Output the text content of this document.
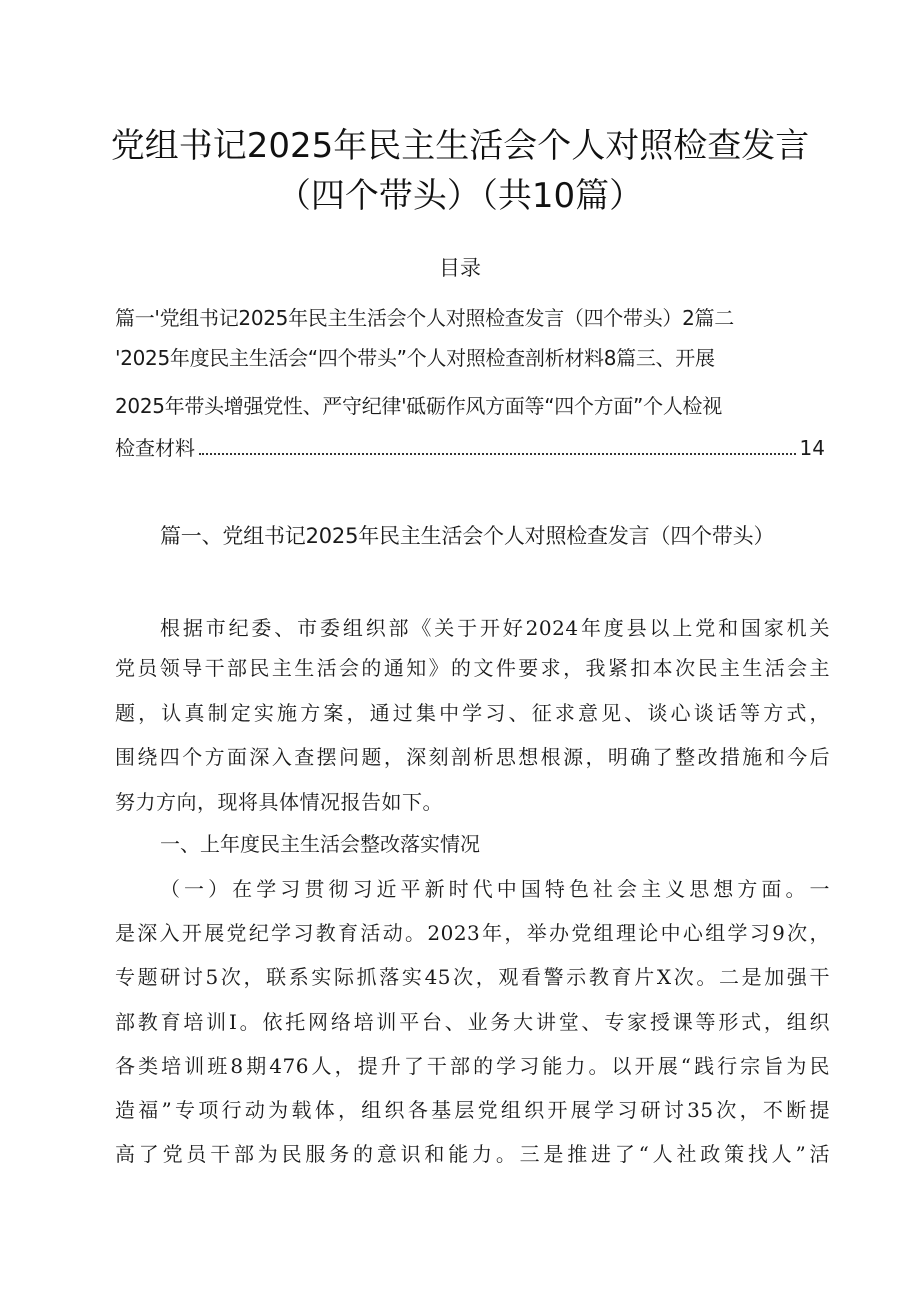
党组书记2025年民主生活会个人对照检查发言
（四个带头）（共10篇）
目录
篇一'党组书记2025年民主生活会个人对照检查发言（四个带头）2篇二
'2025年度民主生活会“四个带头”个人对照检查剖析材料8篇三、开展
2025年带头增强党性、严守纪律'砥砺作风方面等“四个方面”个人检视
检查材料	14
篇一、党组书记2025年民主生活会个人对照检查发言（四个带头）
根据市纪委、市委组织部《关于开好2024年度县以上党和国家机关
党员领导干部民主生活会的通知》的文件要求，我紧扣本次民主生活会主
题，认真制定实施方案，通过集中学习、征求意见、谈心谈话等方式，
围绕四个方面深入查摆问题，深刻剖析思想根源，明确了整改措施和今后
努力方向，现将具体情况报告如下。
一、上年度民主生活会整改落实情况
（一）在学习贯彻习近平新时代中国特色社会主义思想方面。一
是深入开展党纪学习教育活动。2023年，举办党组理论中心组学习9次，
专题研讨5次，联系实际抓落实45次，观看警示教育片X次。二是加强干
部教育培训I。依托网络培训平台、业务大讲堂、专家授课等形式，组织
各类培训班8期476人，提升了干部的学习能力。以开展“践行宗旨为民
造福”专项行动为载体，组织各基层党组织开展学习研讨35次，不断提
高了党员干部为民服务的意识和能力。三是推进了“人社政策找人”活
